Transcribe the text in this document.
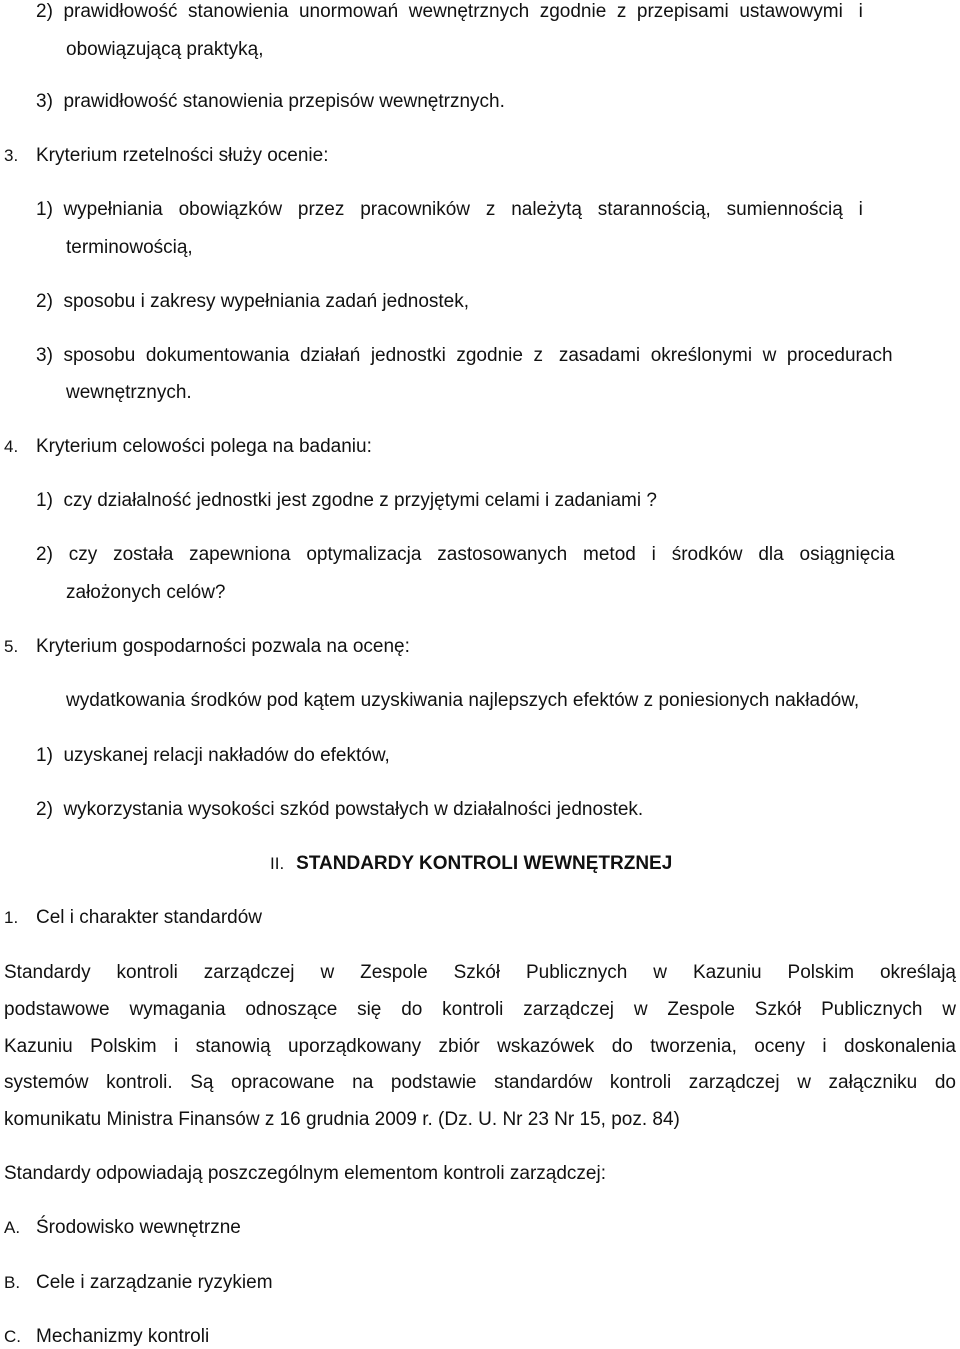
2)  prawidłowość  stanowienia  unormowań  wewnętrznych  zgodnie  z  przepisami  ustawowymi   i
obowiązującą praktyką,
3)  prawidłowość stanowienia przepisów wewnętrznych.
3. Kryterium rzetelności służy ocenie:
1)  wypełniania   obowiązków   przez   pracowników   z   należytą   starannością,   sumiennością   i
terminowością,
2)  sposobu i zakresy wypełniania zadań jednostek,
3)  sposobu  dokumentowania  działań  jednostki  zgodnie  z   zasadami  określonymi  w  procedurach
wewnętrznych.
4. Kryterium celowości polega na badaniu:
1)  czy działalność jednostki jest zgodne z przyjętymi celami i zadaniami ?
2)   czy   została   zapewniona   optymalizacja   zastosowanych   metod   i   środków   dla   osiągnięcia
założonych celów?
5. Kryterium gospodarności pozwala na ocenę:
wydatkowania środków pod kątem uzyskiwania najlepszych efektów z poniesionych nakładów,
1)  uzyskanej relacji nakładów do efektów,
2)  wykorzystania wysokości szkód powstałych w działalności jednostek.
II. STANDARDY KONTROLI WEWNĘTRZNEJ
1. Cel i charakter standardów
Standardy kontroli zarządczej w Zespole Szkół Publicznych w Kazuniu Polskim określają
podstawowe wymagania odnoszące się do kontroli zarządczej w Zespole Szkół Publicznych w
Kazuniu Polskim i stanowią uporządkowany zbiór wskazówek do tworzenia, oceny i doskonalenia
systemów kontroli. Są opracowane na podstawie standardów kontroli zarządczej w załączniku do
komunikatu Ministra Finansów z 16 grudnia 2009 r. (Dz. U. Nr 23 Nr 15, poz. 84)
Standardy odpowiadają poszczególnym elementom kontroli zarządczej:
A. Środowisko wewnętrzne
B. Cele i zarządzanie ryzykiem
C. Mechanizmy kontroli
